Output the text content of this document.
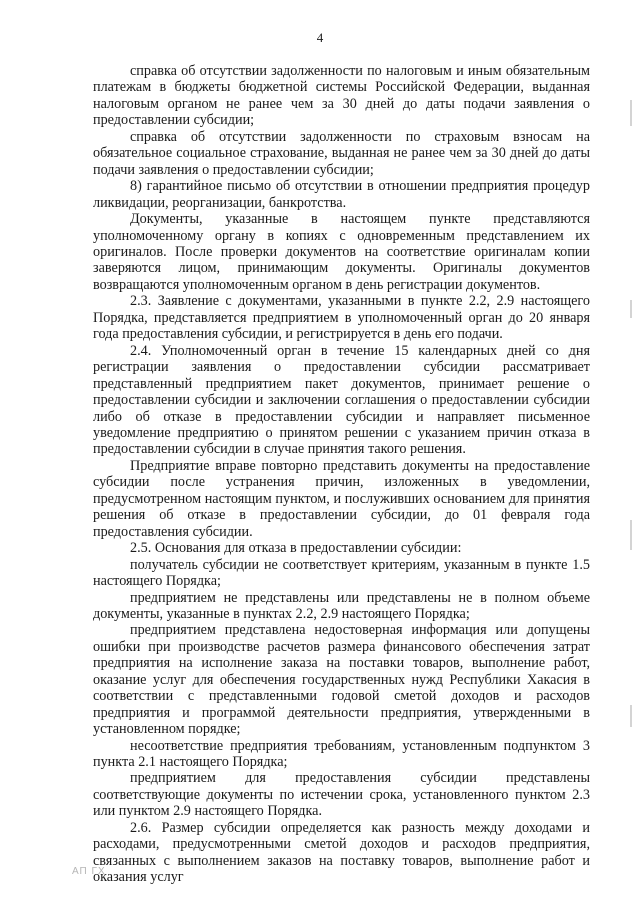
4

справка об отсутствии задолженности по налоговым и иным обязательным платежам в бюджеты бюджетной системы Российской Федерации, выданная налоговым органом не ранее чем за 30 дней до даты подачи заявления о предоставлении субсидии;

справка об отсутствии задолженности по страховым взносам на обязательное социальное страхование, выданная не ранее чем за 30 дней до даты подачи заявления о предоставлении субсидии;

8) гарантийное письмо об отсутствии в отношении предприятия процедур ликвидации, реорганизации, банкротства.

Документы, указанные в настоящем пункте представляются уполномоченному органу в копиях с одновременным представлением их оригиналов. После проверки документов на соответствие оригиналам копии заверяются лицом, принимающим документы. Оригиналы документов возвращаются уполномоченным органом в день регистрации документов.

2.3. Заявление с документами, указанными в пункте 2.2, 2.9 настоящего Порядка, представляется предприятием в уполномоченный орган до 20 января года предоставления субсидии, и регистрируется в день его подачи.

2.4. Уполномоченный орган в течение 15 календарных дней со дня регистрации заявления о предоставлении субсидии рассматривает представленный предприятием пакет документов, принимает решение о предоставлении субсидии и заключении соглашения о предоставлении субсидии либо об отказе в предоставлении субсидии и направляет письменное уведомление предприятию о принятом решении с указанием причин отказа в предоставлении субсидии в случае принятия такого решения.

Предприятие вправе повторно представить документы на предоставление субсидии после устранения причин, изложенных в уведомлении, предусмотренном настоящим пунктом, и послуживших основанием для принятия решения об отказе в предоставлении субсидии, до 01 февраля года предоставления субсидии.

2.5. Основания для отказа в предоставлении субсидии:

получатель субсидии не соответствует критериям, указанным в пункте 1.5 настоящего Порядка;

предприятием не представлены или представлены не в полном объеме документы, указанные в пунктах 2.2, 2.9 настоящего Порядка;

предприятием представлена недостоверная информация или допущены ошибки при производстве расчетов размера финансового обеспечения затрат предприятия на исполнение заказа на поставки товаров, выполнение работ, оказание услуг для обеспечения государственных нужд Республики Хакасия в соответствии с представленными годовой сметой доходов и расходов предприятия и программой деятельности предприятия, утвержденными в установленном порядке;

несоответствие предприятия требованиям, установленным подпунктом 3 пункта 2.1 настоящего Порядка;

предприятием для предоставления субсидии представлены соответствующие документы по истечении срока, установленного пунктом 2.3 или пунктом 2.9 настоящего Порядка.

2.6. Размер субсидии определяется как разность между доходами и расходами, предусмотренными сметой доходов и расходов предприятия, связанных с выполнением заказов на поставку товаров, выполнение работ и оказания услуг

АП ГХ
